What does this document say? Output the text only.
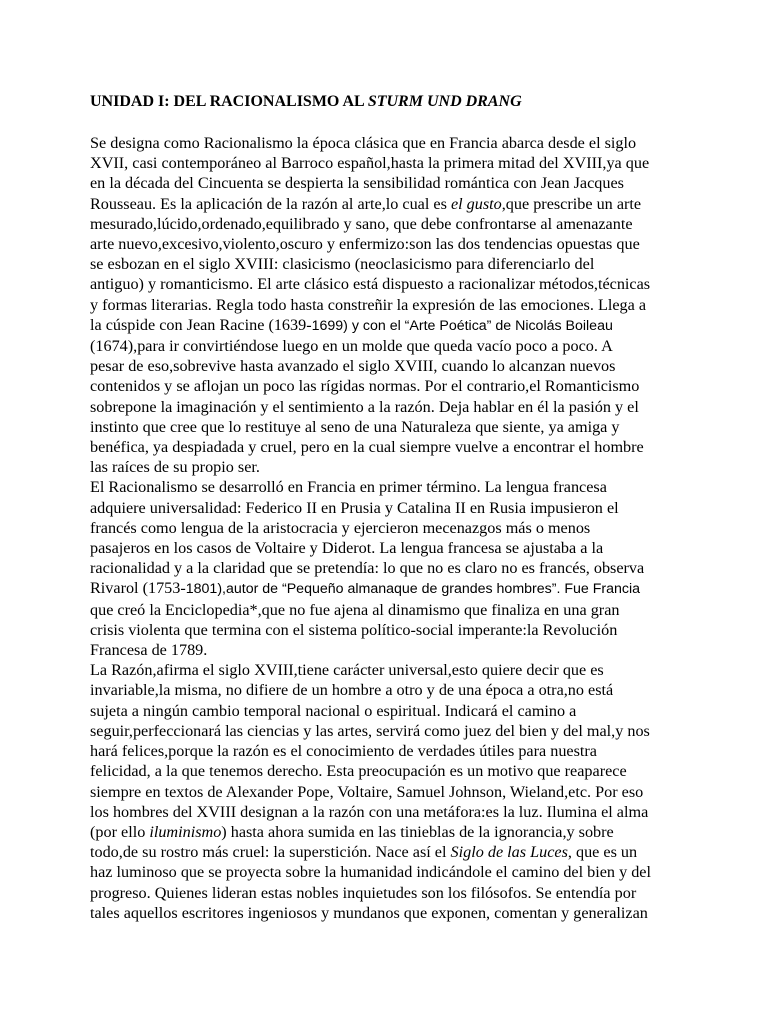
UNIDAD I: DEL RACIONALISMO AL STURM UND DRANG
Se designa como Racionalismo la época clásica que en Francia abarca desde el siglo
XVII, casi contemporáneo al Barroco español,hasta la primera mitad del XVIII,ya que
en la década del Cincuenta se despierta la sensibilidad romántica con Jean Jacques
Rousseau. Es la aplicación de la razón al arte,lo cual es el gusto,que prescribe un arte
mesurado,lúcido,ordenado,equilibrado y sano, que debe confrontarse al amenazante
arte nuevo,excesivo,violento,oscuro y enfermizo:son las dos tendencias opuestas que
se esbozan en el siglo XVIII: clasicismo (neoclasicismo para diferenciarlo del
antiguo) y romanticismo. El arte clásico está dispuesto a racionalizar métodos,técnicas
y formas literarias. Regla todo hasta constreñir la expresión de las emociones. Llega a
la cúspide con Jean Racine (1639-1699) y con el “Arte Poética” de Nicolás Boileau
(1674),para ir convirtiéndose luego en un molde que queda vacío poco a poco. A
pesar de eso,sobrevive hasta avanzado el siglo XVIII, cuando lo alcanzan nuevos
contenidos y se aflojan un poco las rígidas normas. Por el contrario,el Romanticismo
sobrepone la imaginación y el sentimiento a la razón. Deja hablar en él la pasión y el
instinto que cree que lo restituye al seno de una Naturaleza que siente, ya amiga y
benéfica, ya despiadada y cruel, pero en la cual siempre vuelve a encontrar el hombre
las raíces de su propio ser.
El Racionalismo se desarrolló en Francia en primer término. La lengua francesa
adquiere universalidad: Federico II en Prusia y Catalina II en Rusia impusieron el
francés como lengua de la aristocracia y ejercieron mecenazgos más o menos
pasajeros en los casos de Voltaire y Diderot. La lengua francesa se ajustaba a la
racionalidad y a la claridad que se pretendía: lo que no es claro no es francés, observa
Rivarol (1753-1801),autor de “Pequeño almanaque de grandes hombres”. Fue Francia
que creó la Enciclopedia*,que no fue ajena al dinamismo que finaliza en una gran
crisis violenta que termina con el sistema político-social imperante:la Revolución
Francesa de 1789.
La Razón,afirma el siglo XVIII,tiene carácter universal,esto quiere decir que es
invariable,la misma, no difiere de un hombre a otro y de una época a otra,no está
sujeta a ningún cambio temporal nacional o espiritual. Indicará el camino a
seguir,perfeccionará las ciencias y las artes, servirá como juez del bien y del mal,y nos
hará felices,porque la razón es el conocimiento de verdades útiles para nuestra
felicidad, a la que tenemos derecho. Esta preocupación es un motivo que reaparece
siempre en textos de Alexander Pope, Voltaire, Samuel Johnson, Wieland,etc. Por eso
los hombres del XVIII designan a la razón con una metáfora:es la luz. Ilumina el alma
(por ello iluminismo) hasta ahora sumida en las tinieblas de la ignorancia,y sobre
todo,de su rostro más cruel: la superstición. Nace así el Siglo de las Luces, que es un
haz luminoso que se proyecta sobre la humanidad indicándole el camino del bien y del
progreso. Quienes lideran estas nobles inquietudes son los filósofos. Se entendía por
tales aquellos escritores ingeniosos y mundanos que exponen, comentan y generalizan
